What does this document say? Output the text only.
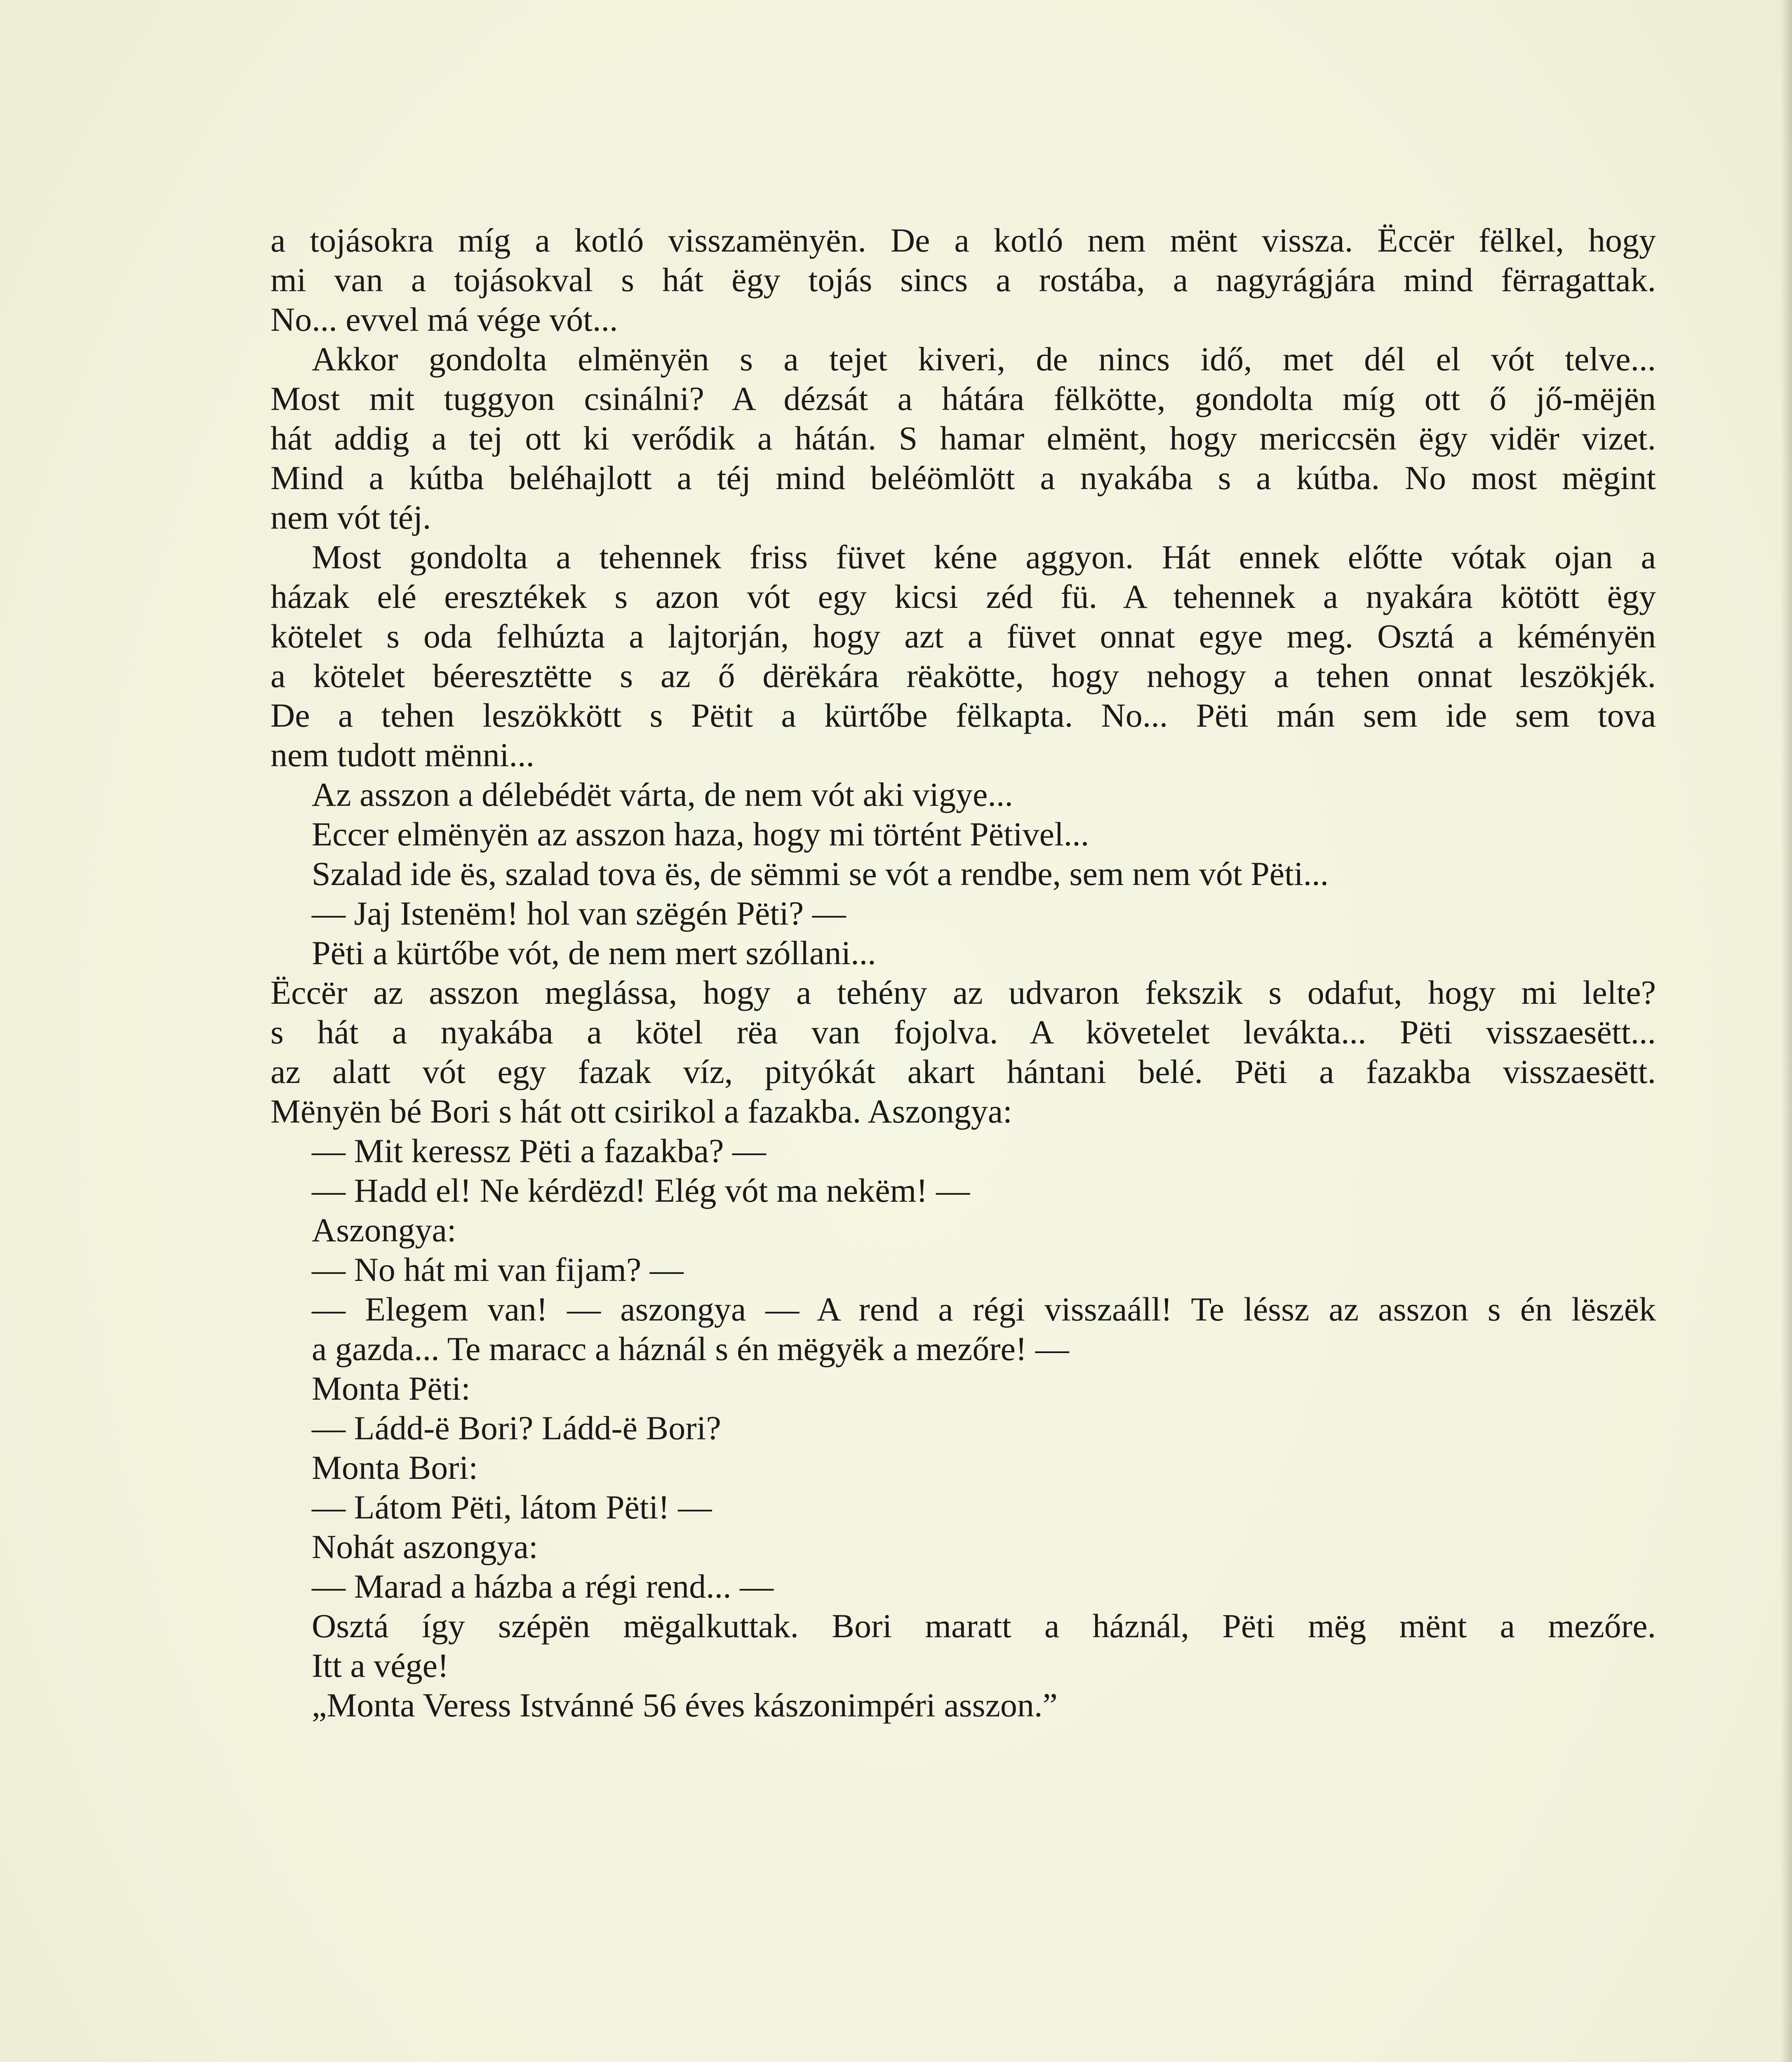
a tojásokra míg a kotló visszamënyën. De a kotló nem mënt vissza. Ëccër fëlkel, hogy
mi van a tojásokval s hát ëgy tojás sincs a rostába, a nagyrágjára mind fërragattak.
No... evvel má vége vót...
Akkor gondolta elmënyën s a tejet kiveri, de nincs idő, met dél el vót telve...
Most mit tuggyon csinálni? A dézsát a hátára fëlkötte, gondolta míg ott ő jő-mëjën
hát addig a tej ott ki verődik a hátán. S hamar elmënt, hogy mericcsën ëgy vidër vizet.
Mind a kútba beléhajlott a téj mind beléömlött a nyakába s a kútba. No most mëgint
nem vót téj.
Most gondolta a tehennek friss füvet kéne aggyon. Hát ennek előtte vótak ojan a
házak elé eresztékek s azon vót egy kicsi zéd fü. A tehennek a nyakára kötött ëgy
kötelet s oda felhúzta a lajtorján, hogy azt a füvet onnat egye meg. Osztá a kéményën
a kötelet béeresztëtte s az ő dërëkára rëakötte, hogy nehogy a tehen onnat leszökjék.
De a tehen leszökkött s Pëtit a kürtőbe fëlkapta. No... Pëti mán sem ide sem tova
nem tudott mënni...
Az asszon a délebédët várta, de nem vót aki vigye...
Eccer elmënyën az asszon haza, hogy mi történt Pëtivel...
Szalad ide ës, szalad tova ës, de sëmmi se vót a rendbe, sem nem vót Pëti...
— Jaj Istenëm! hol van szëgén Pëti? —
Pëti a kürtőbe vót, de nem mert szóllani...
Ëccër az asszon meglássa, hogy a tehény az udvaron fekszik s odafut, hogy mi lelte?
s hát a nyakába a kötel rëa van fojolva. A követelet levákta... Pëti visszaesëtt...
az alatt vót egy fazak víz, pityókát akart hántani belé. Pëti a fazakba visszaesëtt.
Mënyën bé Bori s hát ott csirikol a fazakba. Aszongya:
— Mit keressz Pëti a fazakba? —
— Hadd el! Ne kérdëzd! Elég vót ma nekëm! —
Aszongya:
— No hát mi van fijam? —
— Elegem van! — aszongya — A rend a régi visszaáll! Te léssz az asszon s én lëszëk
a gazda... Te maracc a háznál s én mëgyëk a mezőre! —
Monta Pëti:
— Ládd-ë Bori? Ládd-ë Bori?
Monta Bori:
— Látom Pëti, látom Pëti! —
Nohát aszongya:
— Marad a házba a régi rend... —
Osztá így szépën mëgalkuttak. Bori maratt a háznál, Pëti mëg mënt a mezőre.
Itt a vége!
„Monta Veress Istvánné 56 éves kászonimpéri asszon.”
